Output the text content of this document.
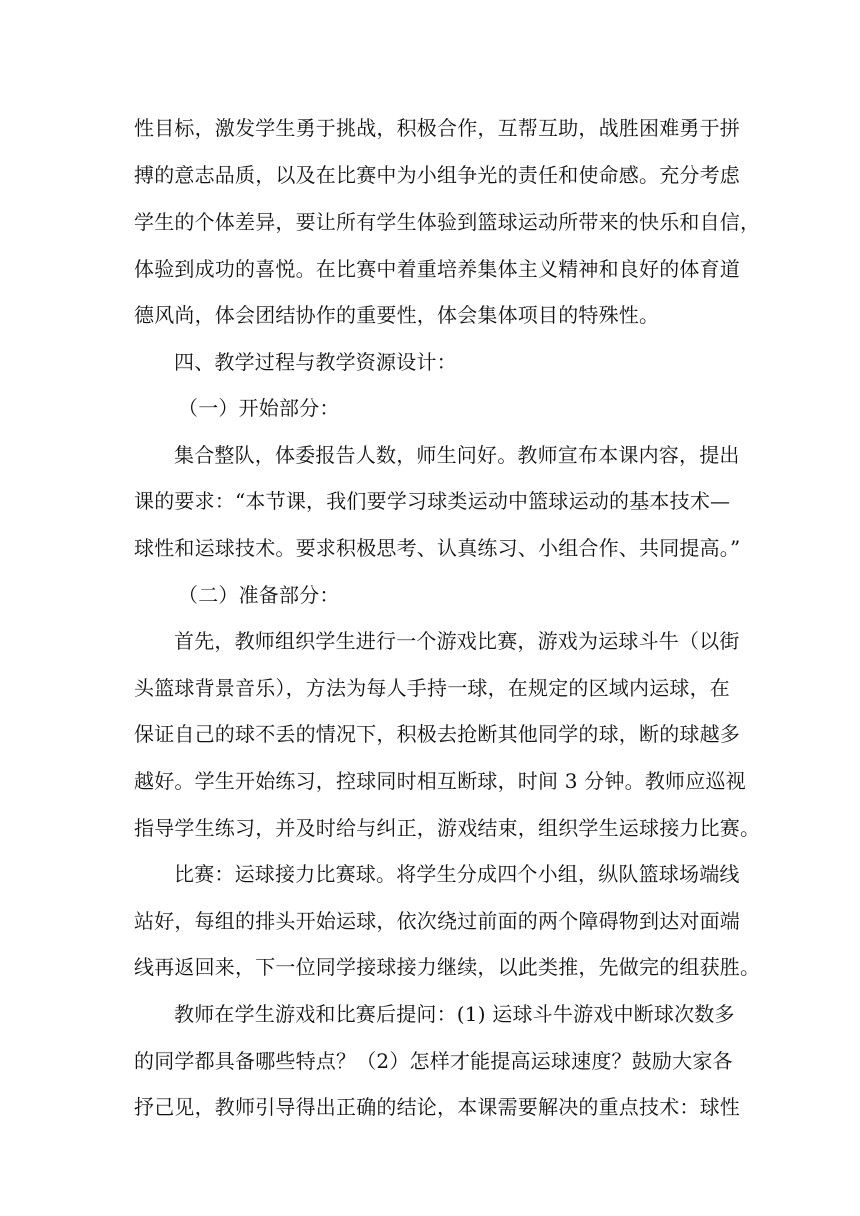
性目标，激发学生勇于挑战，积极合作，互帮互助，战胜困难勇于拼
搏的意志品质，以及在比赛中为小组争光的责任和使命感。充分考虑
学生的个体差异，要让所有学生体验到篮球运动所带来的快乐和自信，
体验到成功的喜悦。在比赛中着重培养集体主义精神和良好的体育道
德风尚，体会团结协作的重要性，体会集体项目的特殊性。
四、教学过程与教学资源设计：
（一）开始部分：
集合整队，体委报告人数，师生问好。教师宣布本课内容，提出
课的要求：“本节课，我们要学习球类运动中篮球运动的基本技术—
球性和运球技术。要求积极思考、认真练习、小组合作、共同提高。”
（二）准备部分：
首先，教师组织学生进行一个游戏比赛，游戏为运球斗牛（以街
头篮球背景音乐），方法为每人手持一球，在规定的区域内运球，在
保证自己的球不丢的情况下，积极去抢断其他同学的球，断的球越多
越好。学生开始练习，控球同时相互断球，时间 3 分钟。教师应巡视
指导学生练习，并及时给与纠正，游戏结束，组织学生运球接力比赛。
比赛：运球接力比赛球。将学生分成四个小组，纵队篮球场端线
站好，每组的排头开始运球，依次绕过前面的两个障碍物到达对面端
线再返回来，下一位同学接球接力继续，以此类推，先做完的组获胜。
教师在学生游戏和比赛后提问：(1) 运球斗牛游戏中断球次数多
的同学都具备哪些特点？（2）怎样才能提高运球速度？鼓励大家各
抒己见，教师引导得出正确的结论，本课需要解决的重点技术：球性
